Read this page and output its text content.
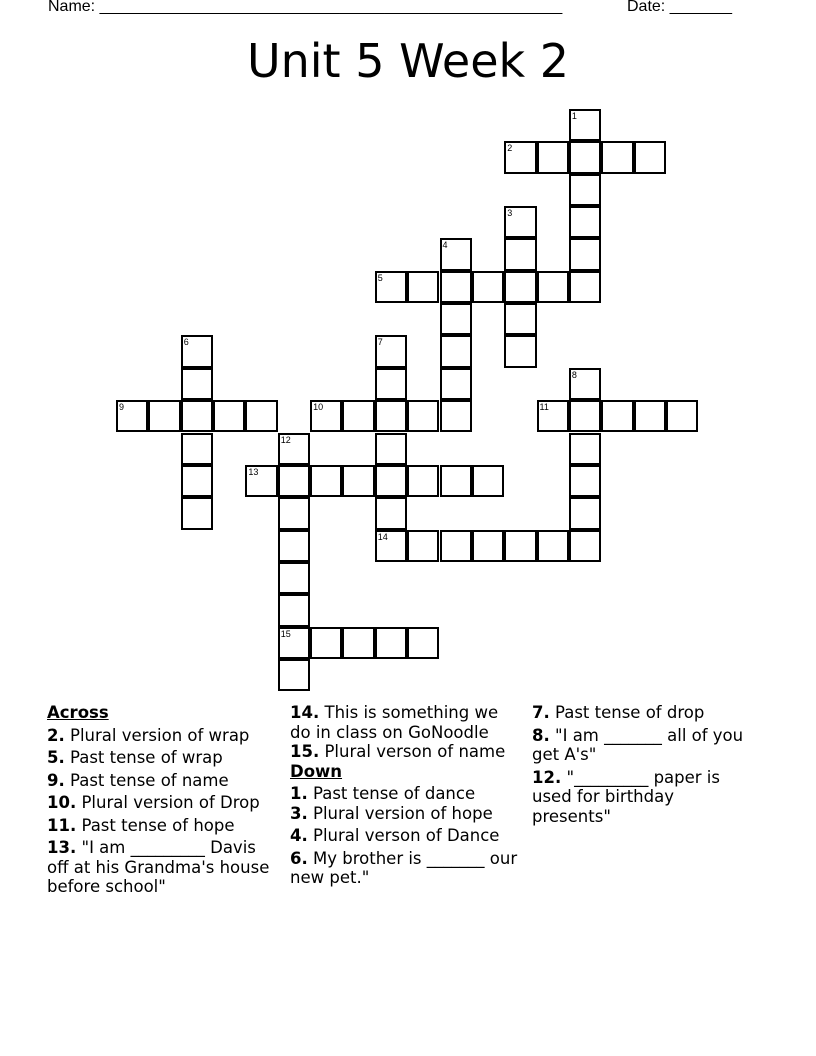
Name: ____________________________________________________	Date: _______
Unit 5 Week 2
1
2
3
4
5
6	7
14
8
9	10	11
12
15
13
Across
2. Plural version of wrap
5. Past tense of wrap
9. Past tense of name
10. Plural version of Drop
11. Past tense of hope
13. "I am _________ Davis off at his Grandma's house before school"
14. This is something we do in class on GoNoodle
15. Plural verson of name
Down
1. Past tense of dance
3. Plural version of hope
4. Plural verson of Dance
6. My brother is _______ our new pet."
7. Past tense of drop
8. "I am _______ all of you get A's"
12. "_________ paper is used for birthday presents"
